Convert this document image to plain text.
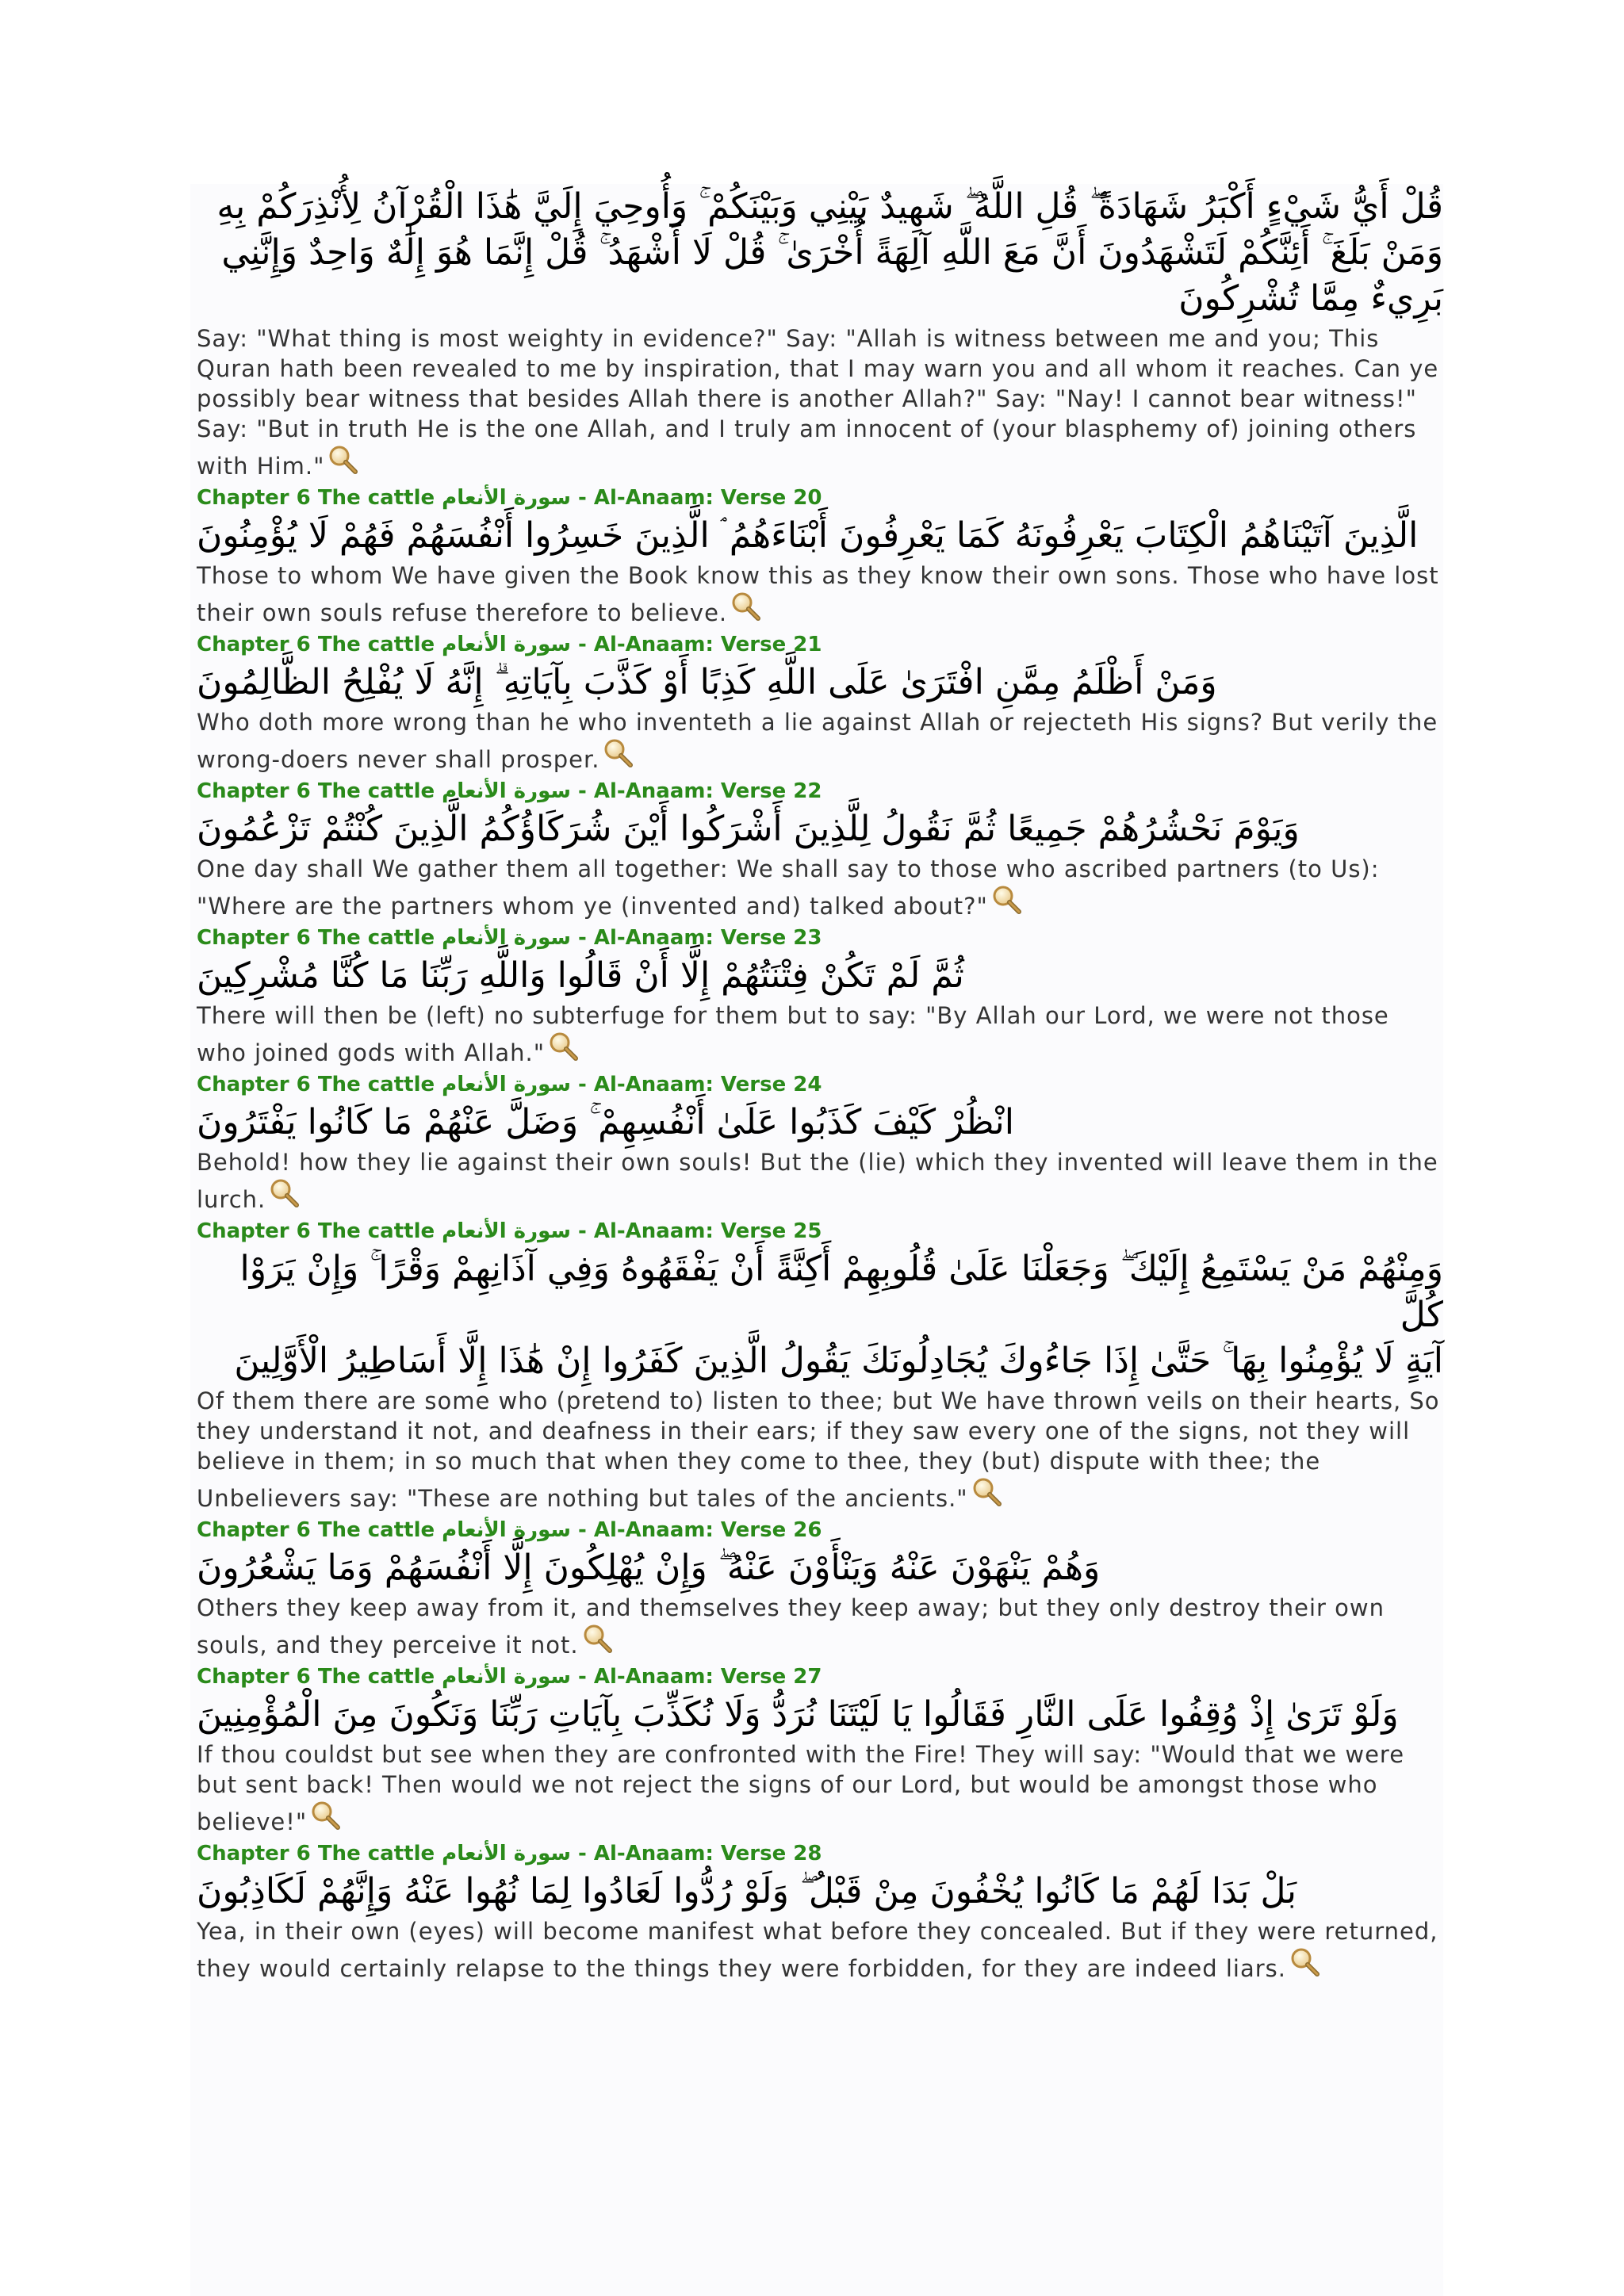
قُلْ أَيُّ شَيْءٍ أَكْبَرُ شَهَادَةً ۖ قُلِ اللَّهُ ۖ شَهِيدٌ بَيْنِي وَبَيْنَكُمْ ۚ وَأُوحِيَ إِلَيَّ هَٰذَا الْقُرْآنُ لِأُنْذِرَكُمْ بِهِ

وَمَنْ بَلَغَ ۚ أَئِنَّكُمْ لَتَشْهَدُونَ أَنَّ مَعَ اللَّهِ آلِهَةً أُخْرَىٰ ۚ قُلْ لَا أَشْهَدُ ۚ قُلْ إِنَّمَا هُوَ إِلَٰهٌ وَاحِدٌ وَإِنَّنِي

بَرِيءٌ مِمَّا تُشْرِكُونَ

Say: "What thing is most weighty in evidence?" Say: "Allah is witness between me and you; This Quran hath been revealed to me by inspiration, that I may warn you and all whom it reaches. Can ye possibly bear witness that besides Allah there is another Allah?" Say: "Nay! I cannot bear witness!" Say: "But in truth He is the one Allah, and I truly am innocent of (your blasphemy of) joining others with Him."

Chapter 6 The cattle سورة الأنعام - Al-Anaam: Verse 20

الَّذِينَ آتَيْنَاهُمُ الْكِتَابَ يَعْرِفُونَهُ كَمَا يَعْرِفُونَ أَبْنَاءَهُمُ ۘ الَّذِينَ خَسِرُوا أَنْفُسَهُمْ فَهُمْ لَا يُؤْمِنُونَ

Those to whom We have given the Book know this as they know their own sons. Those who have lost their own souls refuse therefore to believe.

Chapter 6 The cattle سورة الأنعام - Al-Anaam: Verse 21

وَمَنْ أَظْلَمُ مِمَّنِ افْتَرَىٰ عَلَى اللَّهِ كَذِبًا أَوْ كَذَّبَ بِآيَاتِهِ ۗ إِنَّهُ لَا يُفْلِحُ الظَّالِمُونَ

Who doth more wrong than he who inventeth a lie against Allah or rejecteth His signs? But verily the wrong-doers never shall prosper.

Chapter 6 The cattle سورة الأنعام - Al-Anaam: Verse 22

وَيَوْمَ نَحْشُرُهُمْ جَمِيعًا ثُمَّ نَقُولُ لِلَّذِينَ أَشْرَكُوا أَيْنَ شُرَكَاؤُكُمُ الَّذِينَ كُنْتُمْ تَزْعُمُونَ

One day shall We gather them all together: We shall say to those who ascribed partners (to Us): "Where are the partners whom ye (invented and) talked about?"

Chapter 6 The cattle سورة الأنعام - Al-Anaam: Verse 23

ثُمَّ لَمْ تَكُنْ فِتْنَتُهُمْ إِلَّا أَنْ قَالُوا وَاللَّهِ رَبِّنَا مَا كُنَّا مُشْرِكِينَ

There will then be (left) no subterfuge for them but to say: "By Allah our Lord, we were not those who joined gods with Allah."

Chapter 6 The cattle سورة الأنعام - Al-Anaam: Verse 24

انْظُرْ كَيْفَ كَذَبُوا عَلَىٰ أَنْفُسِهِمْ ۚ وَضَلَّ عَنْهُمْ مَا كَانُوا يَفْتَرُونَ

Behold! how they lie against their own souls! But the (lie) which they invented will leave them in the lurch.

Chapter 6 The cattle سورة الأنعام - Al-Anaam: Verse 25

وَمِنْهُمْ مَنْ يَسْتَمِعُ إِلَيْكَ ۖ وَجَعَلْنَا عَلَىٰ قُلُوبِهِمْ أَكِنَّةً أَنْ يَفْقَهُوهُ وَفِي آذَانِهِمْ وَقْرًا ۚ وَإِنْ يَرَوْا كُلَّ

آيَةٍ لَا يُؤْمِنُوا بِهَا ۚ حَتَّىٰ إِذَا جَاءُوكَ يُجَادِلُونَكَ يَقُولُ الَّذِينَ كَفَرُوا إِنْ هَٰذَا إِلَّا أَسَاطِيرُ الْأَوَّلِينَ

Of them there are some who (pretend to) listen to thee; but We have thrown veils on their hearts, So they understand it not, and deafness in their ears; if they saw every one of the signs, not they will believe in them; in so much that when they come to thee, they (but) dispute with thee; the Unbelievers say: "These are nothing but tales of the ancients."

Chapter 6 The cattle سورة الأنعام - Al-Anaam: Verse 26

وَهُمْ يَنْهَوْنَ عَنْهُ وَيَنْأَوْنَ عَنْهُ ۖ وَإِنْ يُهْلِكُونَ إِلَّا أَنْفُسَهُمْ وَمَا يَشْعُرُونَ

Others they keep away from it, and themselves they keep away; but they only destroy their own souls, and they perceive it not.

Chapter 6 The cattle سورة الأنعام - Al-Anaam: Verse 27

وَلَوْ تَرَىٰ إِذْ وُقِفُوا عَلَى النَّارِ فَقَالُوا يَا لَيْتَنَا نُرَدُّ وَلَا نُكَذِّبَ بِآيَاتِ رَبِّنَا وَنَكُونَ مِنَ الْمُؤْمِنِينَ

If thou couldst but see when they are confronted with the Fire! They will say: "Would that we were but sent back! Then would we not reject the signs of our Lord, but would be amongst those who believe!"

Chapter 6 The cattle سورة الأنعام - Al-Anaam: Verse 28

بَلْ بَدَا لَهُمْ مَا كَانُوا يُخْفُونَ مِنْ قَبْلُ ۖ وَلَوْ رُدُّوا لَعَادُوا لِمَا نُهُوا عَنْهُ وَإِنَّهُمْ لَكَاذِبُونَ

Yea, in their own (eyes) will become manifest what before they concealed. But if they were returned, they would certainly relapse to the things they were forbidden, for they are indeed liars.
